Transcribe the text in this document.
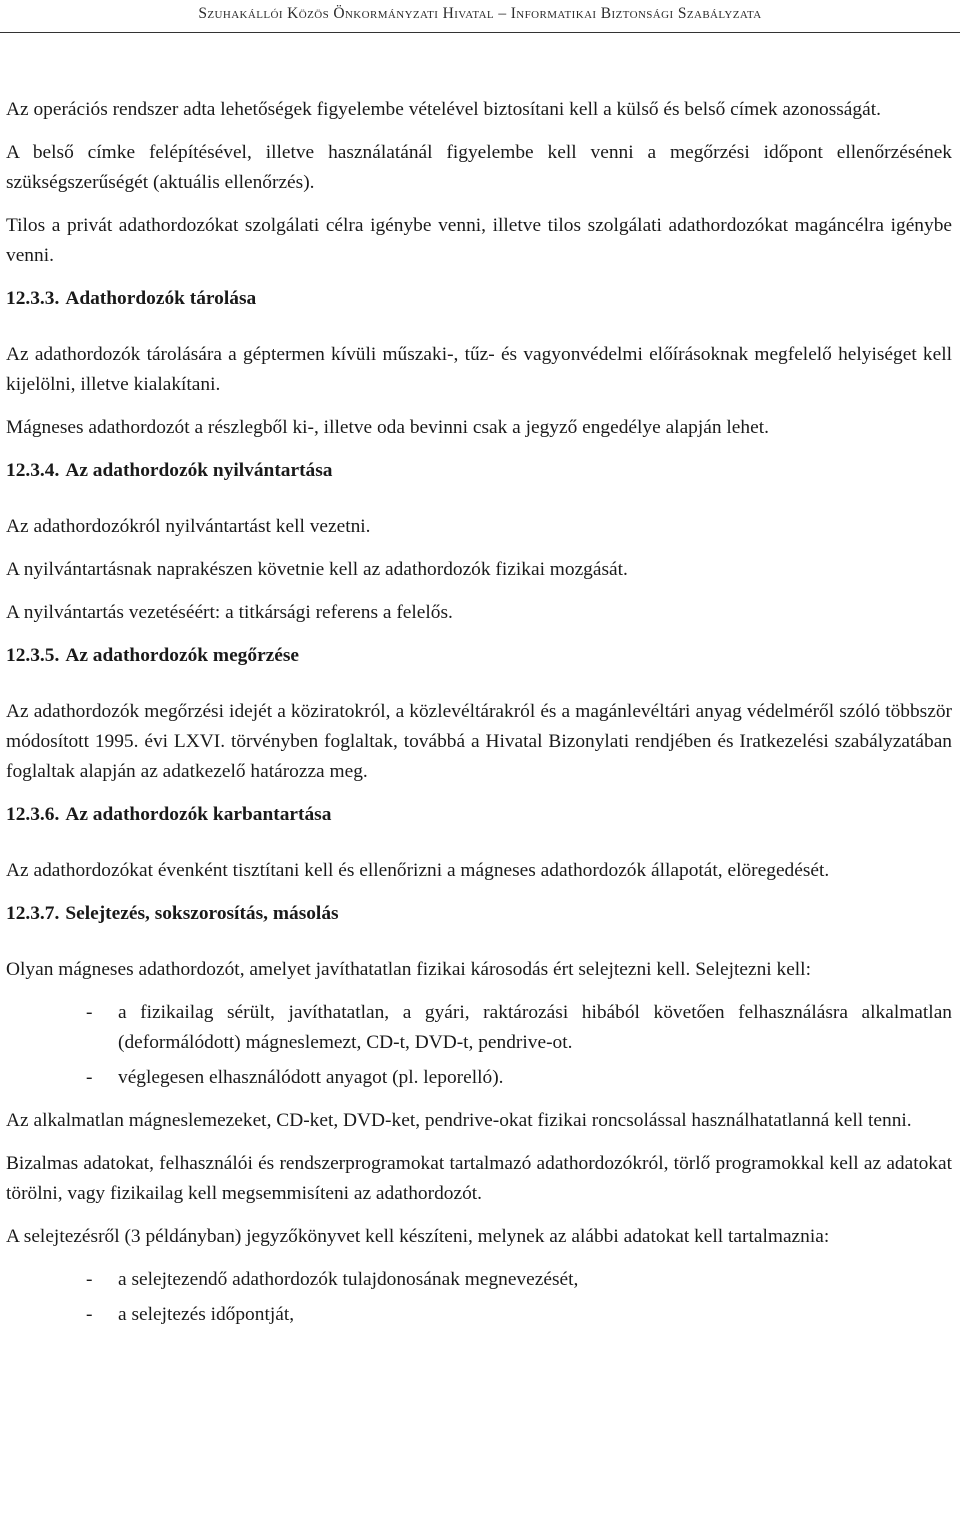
Szuhakállói Közös Önkormányzati Hivatal – Informatikai Biztonsági Szabályzata

Az operációs rendszer adta lehetőségek figyelembe vételével biztosítani kell a külső és belső címek azonosságát.

A belső címke felépítésével, illetve használatánál figyelembe kell venni a megőrzési időpont ellenőrzésének szükségszerűségét (aktuális ellenőrzés).

Tilos a privát adathordozókat szolgálati célra igénybe venni, illetve tilos szolgálati adathordozókat magáncélra igénybe venni.

12.3.3. Adathordozók tárolása

Az adathordozók tárolására a géptermen kívüli műszaki-, tűz- és vagyonvédelmi előírásoknak megfelelő helyiséget kell kijelölni, illetve kialakítani.

Mágneses adathordozót a részlegből ki-, illetve oda bevinni csak a jegyző engedélye alapján lehet.

12.3.4. Az adathordozók nyilvántartása

Az adathordozókról nyilvántartást kell vezetni.

A nyilvántartásnak naprakészen követnie kell az adathordozók fizikai mozgását.

A nyilvántartás vezetéséért: a titkársági referens a felelős.

12.3.5. Az adathordozók megőrzése

Az adathordozók megőrzési idejét a köziratokról, a közlevéltárakról és a magánlevéltári anyag védelméről szóló többször módosított 1995. évi LXVI. törvényben foglaltak, továbbá a Hivatal Bizonylati rendjében és Iratkezelési szabályzatában foglaltak alapján az adatkezelő határozza meg.

12.3.6. Az adathordozók karbantartása

Az adathordozókat évenként tisztítani kell és ellenőrizni a mágneses adathordozók állapotát, elöregedését.

12.3.7. Selejtezés, sokszorosítás, másolás

Olyan mágneses adathordozót, amelyet javíthatatlan fizikai károsodás ért selejtezni kell. Selejtezni kell:

- a fizikailag sérült, javíthatatlan, a gyári, raktározási hibából követően felhasználásra alkalmatlan (deformálódott) mágneslemezt, CD-t, DVD-t, pendrive-ot.
- véglegesen elhasználódott anyagot (pl. leporelló).

Az alkalmatlan mágneslemezeket, CD-ket, DVD-ket, pendrive-okat fizikai roncsolással használhatatlanná kell tenni.

Bizalmas adatokat, felhasználói és rendszerprogramokat tartalmazó adathordozókról, törlő programokkal kell az adatokat törölni, vagy fizikailag kell megsemmisíteni az adathordozót.

A selejtezésről (3 példányban) jegyzőkönyvet kell készíteni, melynek az alábbi adatokat kell tartalmaznia:

- a selejtezendő adathordozók tulajdonosának megnevezését,
- a selejtezés időpontját,
